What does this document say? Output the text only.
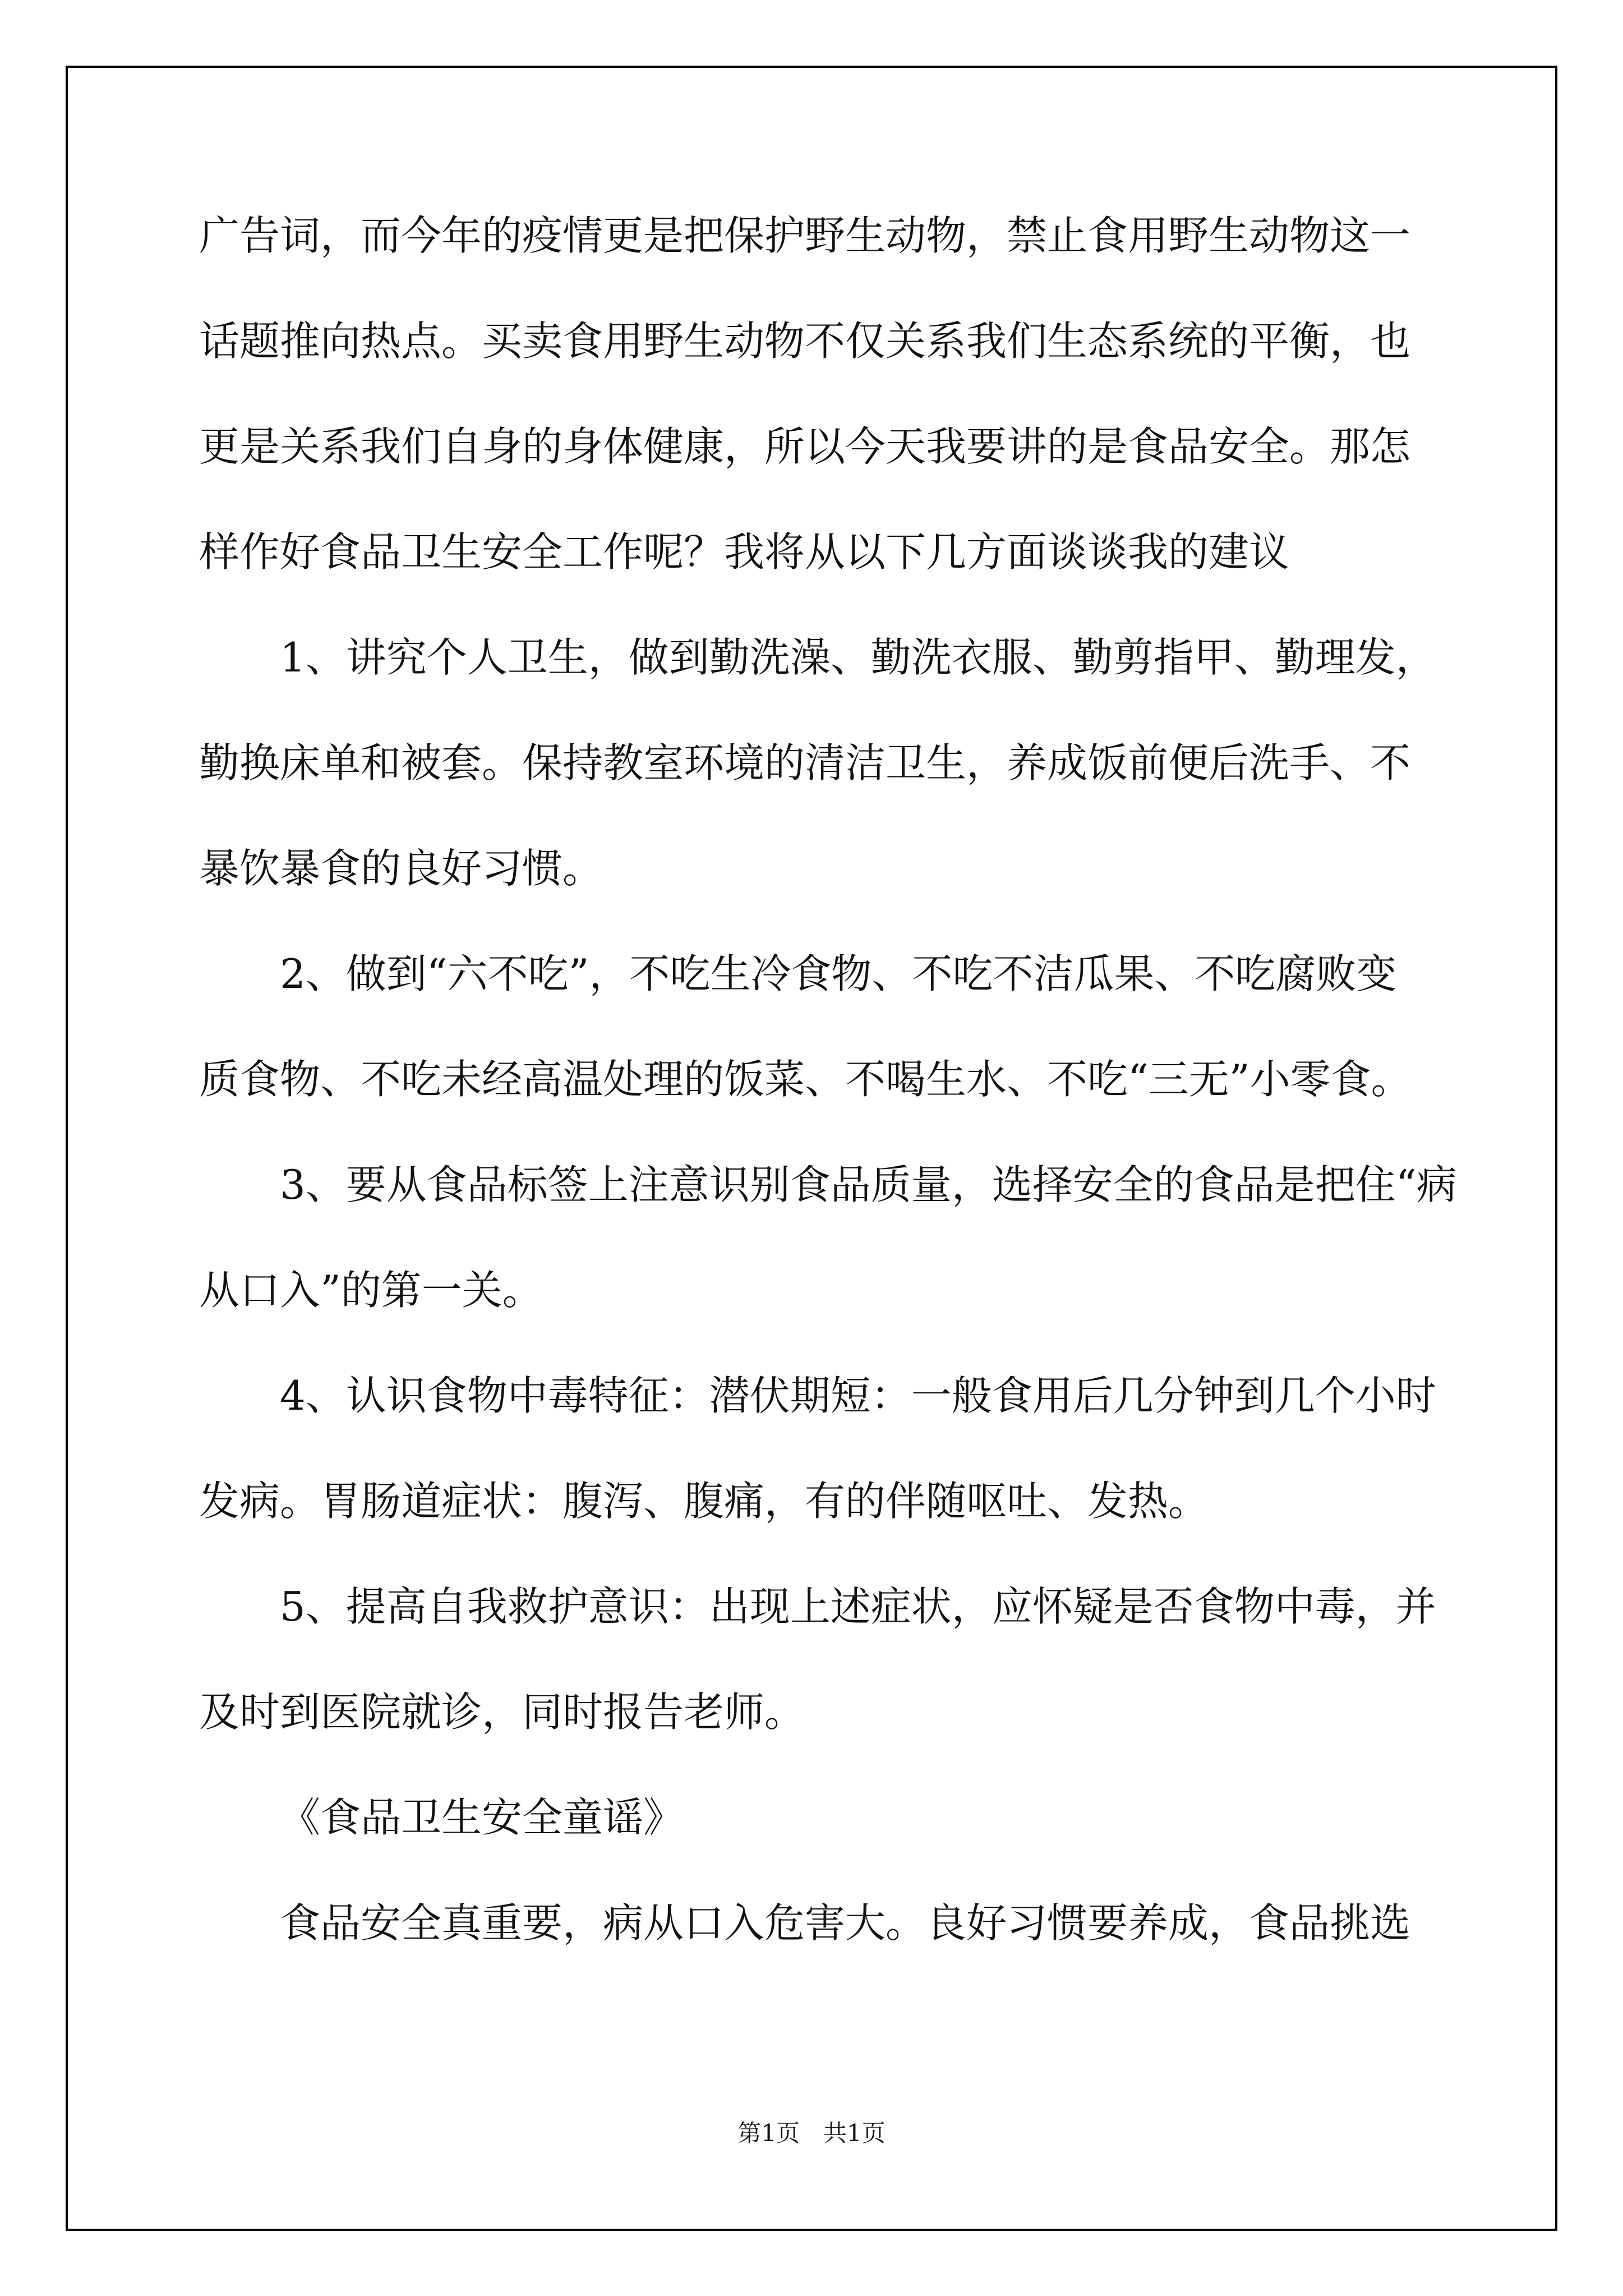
广告词，而今年的疫情更是把保护野生动物，禁止食用野生动物这一
话题推向热点。买卖食用野生动物不仅关系我们生态系统的平衡，也
更是关系我们自身的身体健康，所以今天我要讲的是食品安全。那怎
样作好食品卫生安全工作呢？我将从以下几方面谈谈我的建议
1、讲究个人卫生，做到勤洗澡、勤洗衣服、勤剪指甲、勤理发，
勤换床单和被套。保持教室环境的清洁卫生，养成饭前便后洗手、不
暴饮暴食的良好习惯。
2、做到“六不吃”，不吃生冷食物、不吃不洁瓜果、不吃腐败变
质食物、不吃未经高温处理的饭菜、不喝生水、不吃“三无”小零食。
3、要从食品标签上注意识别食品质量，选择安全的食品是把住“病
从口入”的第一关。
4、认识食物中毒特征：潜伏期短：一般食用后几分钟到几个小时
发病。胃肠道症状：腹泻、腹痛，有的伴随呕吐、发热。
5、提高自我救护意识：出现上述症状，应怀疑是否食物中毒，并
及时到医院就诊，同时报告老师。
《食品卫生安全童谣》
食品安全真重要，病从口入危害大。良好习惯要养成，食品挑选
第1页　共1页
